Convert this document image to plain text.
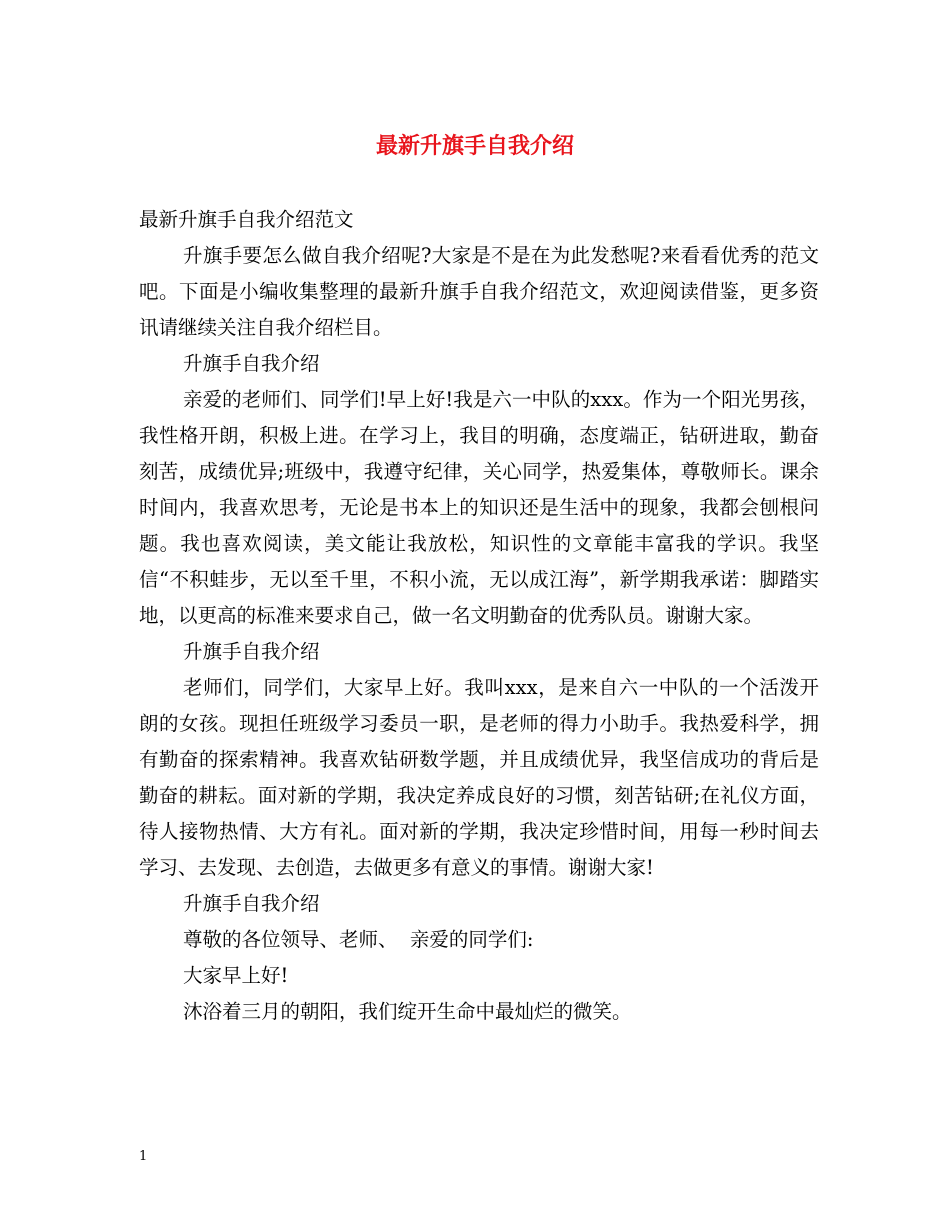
最新升旗手自我介绍

最新升旗手自我介绍范文

升旗手要怎么做自我介绍呢?大家是不是在为此发愁呢?来看看优秀的范文吧。下面是小编收集整理的最新升旗手自我介绍范文，欢迎阅读借鉴，更多资讯请继续关注自我介绍栏目。

升旗手自我介绍

亲爱的老师们、同学们!早上好!我是六一中队的xxx。作为一个阳光男孩，我性格开朗，积极上进。在学习上，我目的明确，态度端正，钻研进取，勤奋刻苦，成绩优异;班级中，我遵守纪律，关心同学，热爱集体，尊敬师长。课余时间内，我喜欢思考，无论是书本上的知识还是生活中的现象，我都会刨根问题。我也喜欢阅读，美文能让我放松，知识性的文章能丰富我的学识。我坚信“不积蛙步，无以至千里，不积小流，无以成江海”，新学期我承诺：脚踏实地，以更高的标准来要求自己，做一名文明勤奋的优秀队员。谢谢大家。

升旗手自我介绍

老师们，同学们，大家早上好。我叫xxx，是来自六一中队的一个活泼开朗的女孩。现担任班级学习委员一职，是老师的得力小助手。我热爱科学，拥有勤奋的探索精神。我喜欢钻研数学题，并且成绩优异，我坚信成功的背后是勤奋的耕耘。面对新的学期，我决定养成良好的习惯，刻苦钻研;在礼仪方面，待人接物热情、大方有礼。面对新的学期，我决定珍惜时间，用每一秒时间去学习、去发现、去创造，去做更多有意义的事情。谢谢大家!

升旗手自我介绍

尊敬的各位领导、老师、  亲爱的同学们:

大家早上好!

沐浴着三月的朝阳，我们绽开生命中最灿烂的微笑。

1
